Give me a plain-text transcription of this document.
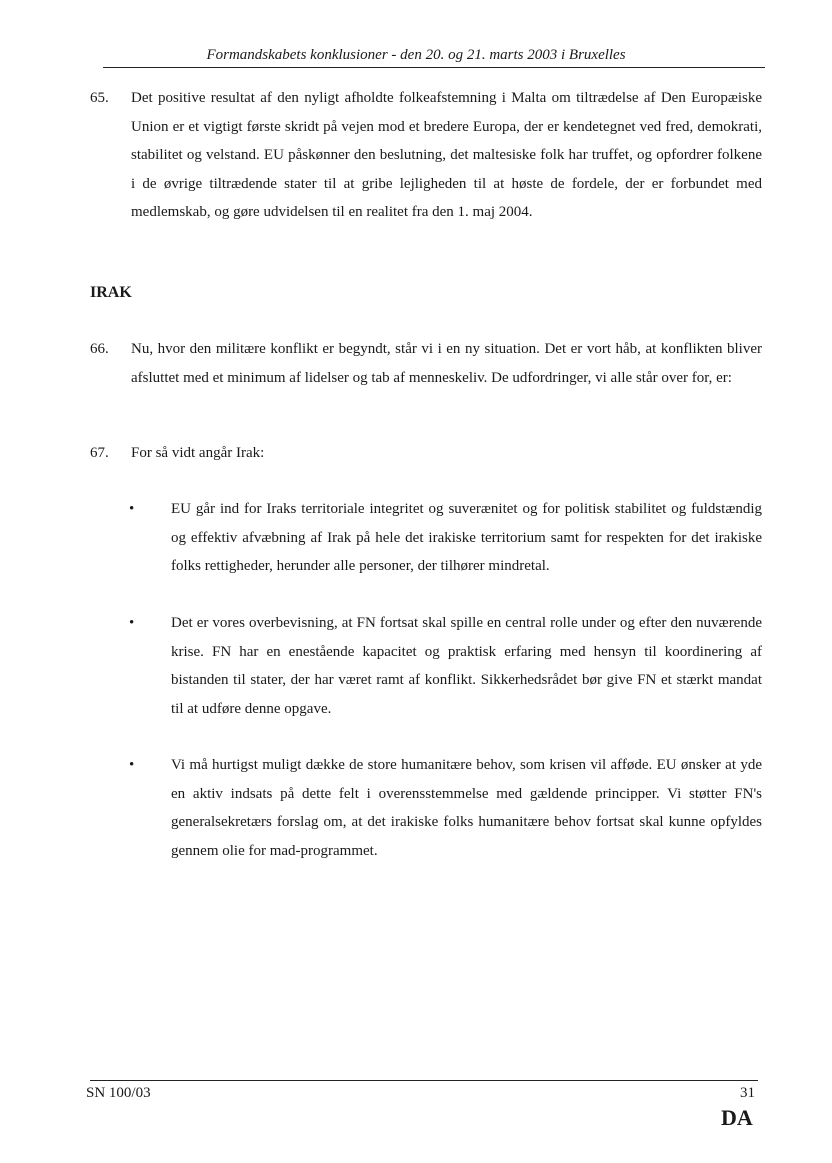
Formandskabets konklusioner - den 20. og 21. marts 2003 i Bruxelles
65. Det positive resultat af den nyligt afholdte folkeafstemning i Malta om tiltrædelse af Den Europæiske Union er et vigtigt første skridt på vejen mod et bredere Europa, der er kendetegnet ved fred, demokrati, stabilitet og velstand. EU påskønner den beslutning, det maltesiske folk har truffet, og opfordrer folkene i de øvrige tiltrædende stater til at gribe lejligheden til at høste de fordele, der er forbundet med medlemskab, og gøre udvidelsen til en realitet fra den 1. maj 2004.
IRAK
66. Nu, hvor den militære konflikt er begyndt, står vi i en ny situation. Det er vort håb, at konflikten bliver afsluttet med et minimum af lidelser og tab af menneskeliv. De udfordringer, vi alle står over for, er:
67. For så vidt angår Irak:
• EU går ind for Iraks territoriale integritet og suverænitet og for politisk stabilitet og fuldstændig og effektiv afvæbning af Irak på hele det irakiske territorium samt for respekten for det irakiske folks rettigheder, herunder alle personer, der tilhører mindretal.
• Det er vores overbevisning, at FN fortsat skal spille en central rolle under og efter den nuværende krise. FN har en enestående kapacitet og praktisk erfaring med hensyn til koordinering af bistanden til stater, der har været ramt af konflikt. Sikkerhedsrådet bør give FN et stærkt mandat til at udføre denne opgave.
• Vi må hurtigst muligt dække de store humanitære behov, som krisen vil afføde. EU ønsker at yde en aktiv indsats på dette felt i overensstemmelse med gældende principper. Vi støtter FN's generalsekretærs forslag om, at det irakiske folks humanitære behov fortsat skal kunne opfyldes gennem olie for mad-programmet.
SN 100/03	31
DA
